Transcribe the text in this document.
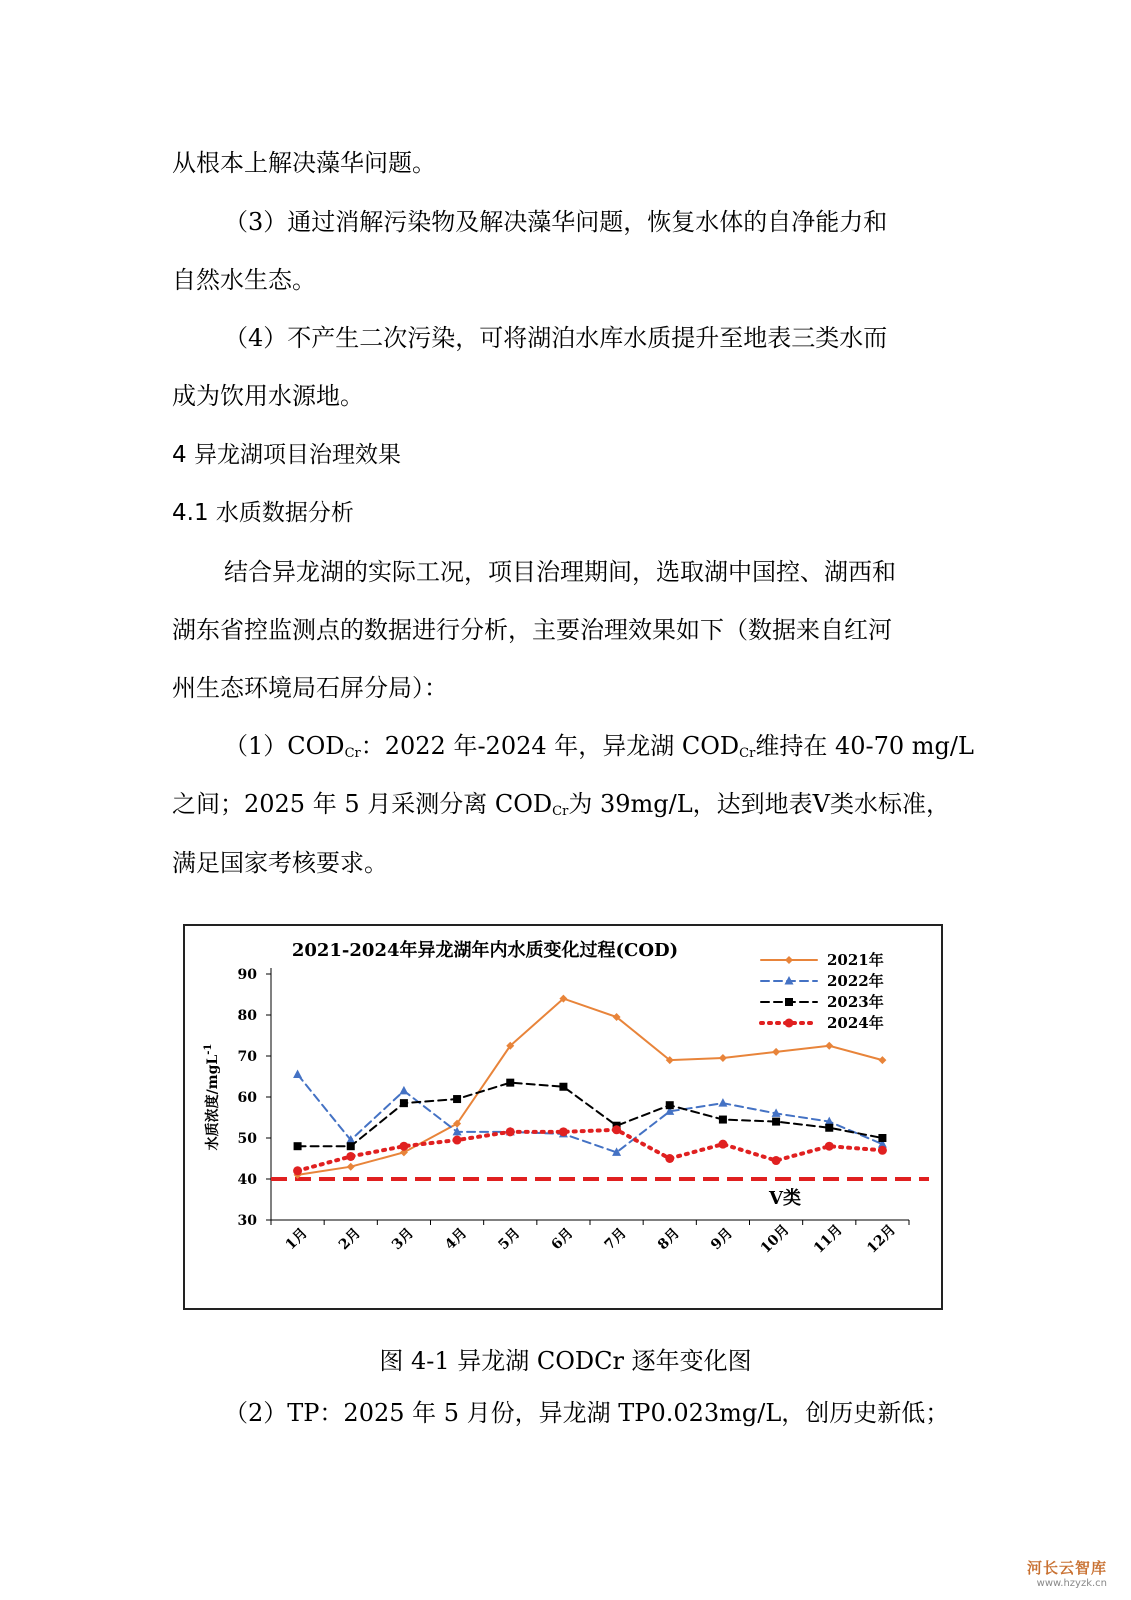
从根本上解决藻华问题。
（3）通过消解污染物及解决藻华问题，恢复水体的自净能力和
自然水生态。
（4）不产生二次污染，可将湖泊水库水质提升至地表三类水而
成为饮用水源地。
4 异龙湖项目治理效果
4.1 水质数据分析
结合异龙湖的实际工况，项目治理期间，选取湖中国控、湖西和
湖东省控监测点的数据进行分析，主要治理效果如下（数据来自红河
州生态环境局石屏分局）：
$(1)COD_{Cr}$：2022 年-2024 年，异龙湖 $COD_{Cr}$维持在 40-70 mg/L
之间；2025 年 5 月采测分离 $COD_{Cr}$为 39mg/L，达到地表Ⅴ类水标准，
满足国家考核要求。
2021-2024年异龙湖年内水质变化过程(COD)
30
40
50
60
70
80
90
1月 2月 3月 4月 5月 6月 7月 8月 9月 10月 11月 12月
水质浓度/mgL$^{-1}$
Ⅴ类
2021年
2022年
2023年
2024年
图 4-1 异龙湖 CODCr 逐年变化图
（2）TP：2025 年 5 月份，异龙湖 TP0.023mg/L，创历史新低；
河长云智库
www.hzyzk.cn
